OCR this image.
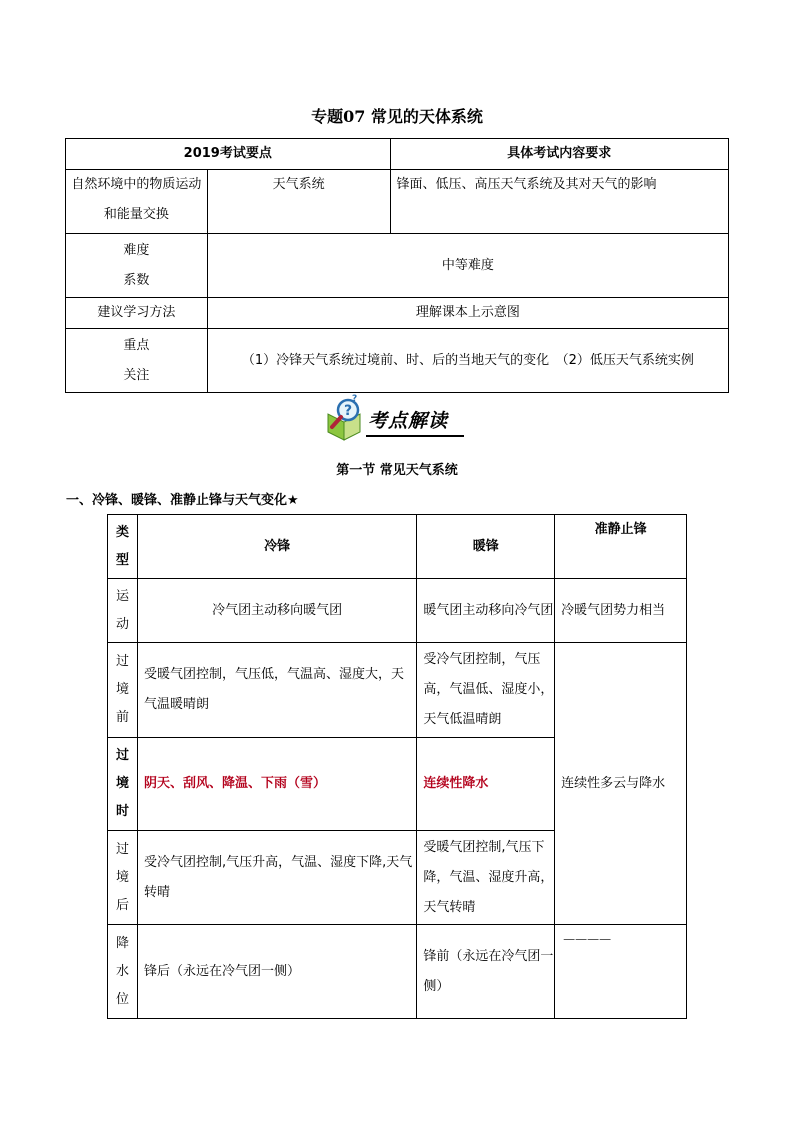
专题07 常见的天体系统
2019考试要点		具体考试内容要求
自然环境中的物质运动和能量交换	天气系统	锋面、低压、高压天气系统及其对天气的影响

难度
系数	中等难度	
建议学习方法	理解课本上示意图	

重点
关注	（1）冷锋天气系统过境前、时、后的当地天气的变化　（2）低压天气系统实例	
?
?
考点解读
第一节 常见天气系统
一、冷锋、暖锋、准静止锋与天气变化★
类
型	冷锋	暖锋	准静止锋

运
动	冷气团主动移向暖气团	暖气团主动移向冷气团	冷暖气团势力相当

过
境
前	受暖气团控制，气压低，气温高、湿度大，天气温暖晴朗	受冷气团控制，气压高，气温低、湿度小，天气低温晴朗	连续性多云与降水

过
境
时	阴天、刮风、降温、下雨（雪）	连续性降水	

过
境
后	受冷气团控制,气压升高，气温、湿度下降,天气转晴	受暖气团控制,气压下降，气温、湿度升高，天气转晴	

降
水
位	锋后（永远在冷气团一侧）	锋前（永远在冷气团一侧）	————
